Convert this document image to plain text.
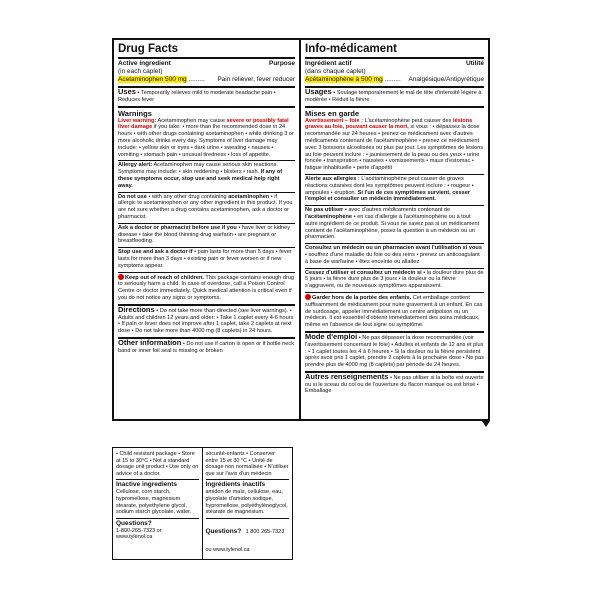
Drug Facts
Active ingredient	Purpose
(in each caplet)
Acetaminophen 500 mg ......... Pain reliever, fever reducer
Uses • Temporarily relieves mild to moderate headache pain • Reduces fever
Warnings
Liver warning: Acetaminophen may cause severe or possibly fatal liver damage if you take: • more than the recommended dose in 24 hours • with other drugs containing acetaminophen • while drinking 3 or more alcoholic drinks every day. Symptoms of liver damage may include: • yellow skin or eyes • dark urine • sweating • nausea • vomiting • stomach pain • unusual tiredness • loss of appetite.
Allergy alert: Acetaminophen may cause serious skin reactions. Symptoms may include: • skin reddening • blisters • rash. If any of these symptoms occur, stop use and seek medical help right away.
Do not use • with any other drug containing acetaminophen • if allergic to acetaminophen or any other ingredient in this product. If you are not sure whether a drug contains acetaminophen, ask a doctor or pharmacist.
Ask a doctor or pharmacist before use if you • have liver or kidney disease • take the blood thinning drug warfarin • are pregnant or breastfeeding.
Stop use and ask a doctor if • pain lasts for more than 5 days • fever lasts for more than 3 days • existing pain or fever worsen or if new symptoms appear.
Keep out of reach of children. This package contains enough drug to seriously harm a child. In case of overdose, call a Poison Control Centre or doctor immediately. Quick medical attention is critical even if you do not notice any signs or symptoms.
Directions • Do not take more than directed (see liver warnings). • Adults and children 12 years and older: • Take 1 caplet every 4-6 hours • If pain or fever does not improve after 1 caplet, take 2 caplets at next dose • Do not take more than 4000 mg (8 caplets) in 24 hours.
Other information • Do not use if carton is open or if bottle neck band or inner foil seal is missing or broken
Info-médicament
Ingrédient actif	Utilité
(dans chaque caplet)
Acétaminophène à 500 mg ......... Analgésique/Antipyrétique
Usages • Soulage temporairement le mal de tête d'intensité légère à modérée • Réduit la fièvre
Mises en garde
Avertissement – foie : L'acétaminophène peut causer des lésions graves au foie, pouvant causer la mort, si vous : • dépassez la dose recommandée sur 24 heures • prenez ce médicament avec d'autres médicaments contenant de l'acétaminophène • prenez ce médicament avec 3 boissons alcoolisées ou plus par jour. Les symptômes de lésions au foie peuvent inclure : • jaunissement de la peau ou des yeux • urine foncée • transpiration • nausées • vomissements • maux d'estomac • fatigue inhabituelle • perte d'appétit
Alerte aux allergies : L'acétaminophène peut causer de graves réactions cutanées dont les symptômes peuvent inclure : • rougeur • ampoules • éruption. Si l'un de ces symptômes survient, cesser l'emploi et consulter un médecin immédiatement.
Ne pas utiliser • avec d'autres médicaments contenant de l'acétaminophène • en cas d'allergie à l'acétaminophène ou à tout autre ingrédient de ce produit. Si vous ne savez pas si un médicament contient de l'acétaminophène, posez la question à un médecin ou un pharmacien.
Consultez un médecin ou un pharmacien avant l'utilisation si vous • souffrez d'une maladie du foie ou des reins • prenez un anticoagulant à base de warfarine • êtes enceinte ou allaitez
Cessez d'utiliser et consultez un médecin si • la douleur dure plus de 5 jours • la fièvre dure plus de 3 jours • la douleur ou la fièvre s'aggravent, ou de nouveaux symptômes apparaissent.
Garder hors de la portée des enfants. Cet emballage contient suffisamment de médicament pour nuire gravement à un enfant. En cas de surdosage, appeler immédiatement un centre antipoison ou un médecin. Il est essentiel d'obtenir immédiatement des soins médicaux, même en l'absence de tout signe ou symptôme.
Mode d'emploi • Ne pas dépasser la dose recommandée (voir l'avertissement concernant le foie) • Adultes et enfants de 12 ans et plus : • 1 caplet toutes les 4 à 6 heures • Si la douleur ou la fièvre persistent après avoir pris 1 caplet, prendre 2 caplets à la prochaine dose • Ne pas prendre plus de 4000 mg (8 caplets) par période de 24 heures.
Autres renseignements • Ne pas utiliser si la boîte est ouverte ou si le sceau du col ou de l'ouverture du flacon manque ou est brisé • Emballage
• Child resistant package • Store at 15 to 30°C • Not a standard dosage unit product • Use only on advice of a doctor.
Inactive ingredients
Cellulose, corn starch, hypromellose, magnesium stearate, polyethylene glycol, sodium starch glycolate, water.
Questions?
1-800-265-7323 or www.tylenol.ca
sécurité-enfants • Conserver entre 15 et 30 °C • Unité de dosage non normalisée • N'utiliser que sur l'avis d'un médecin
Ingrédients inactifs
amidon de maïs, cellulose, eau, glycolate d'amidon sodique, hypromellose, polyéthylèneglycol, stéarate de magnésium.
Questions? 1 800 265-7323 ou www.tylenol.ca
